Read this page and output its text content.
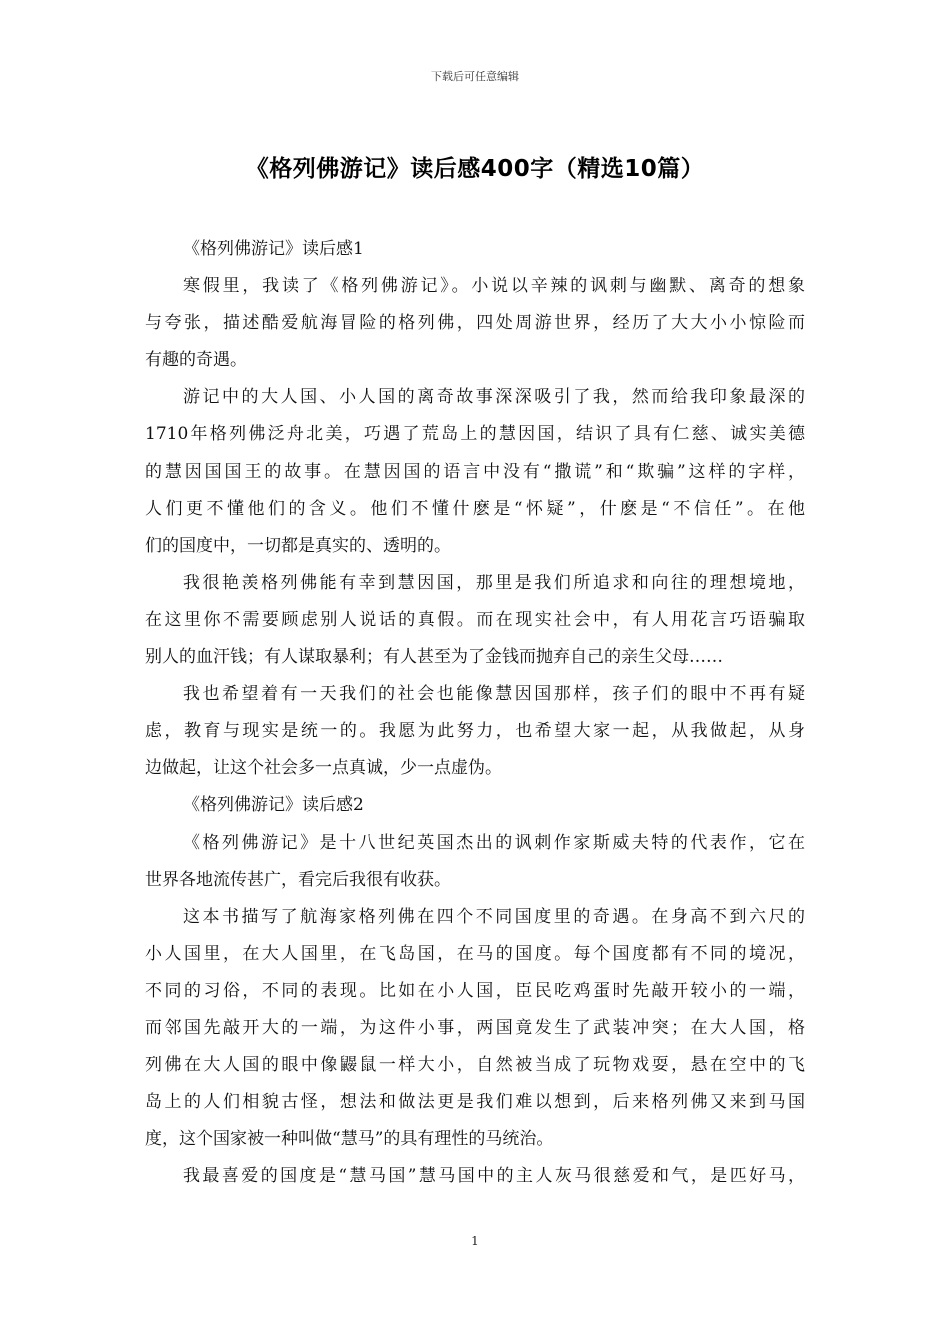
下载后可任意编辑
《格列佛游记》读后感400字（精选10篇）
《格列佛游记》读后感1
寒假里，我读了《格列佛游记》。小说以辛辣的讽刺与幽默、离奇的想象
与夸张，描述酷爱航海冒险的格列佛，四处周游世界，经历了大大小小惊险而
有趣的奇遇。
游记中的大人国、小人国的离奇故事深深吸引了我，然而给我印象最深的
1710年格列佛泛舟北美，巧遇了荒岛上的慧因国，结识了具有仁慈、诚实美德
的慧因国国王的故事。在慧因国的语言中没有“撒谎”和“欺骗”这样的字样，
人们更不懂他们的含义。他们不懂什麽是“怀疑”，什麽是“不信任”。在他
们的国度中，一切都是真实的、透明的。
我很艳羡格列佛能有幸到慧因国，那里是我们所追求和向往的理想境地，
在这里你不需要顾虑别人说话的真假。而在现实社会中，有人用花言巧语骗取
别人的血汗钱；有人谋取暴利；有人甚至为了金钱而抛弃自己的亲生父母……
我也希望着有一天我们的社会也能像慧因国那样，孩子们的眼中不再有疑
虑，教育与现实是统一的。我愿为此努力，也希望大家一起，从我做起，从身
边做起，让这个社会多一点真诚，少一点虚伪。
《格列佛游记》读后感2
《格列佛游记》是十八世纪英国杰出的讽刺作家斯威夫特的代表作，它在
世界各地流传甚广，看完后我很有收获。
这本书描写了航海家格列佛在四个不同国度里的奇遇。在身高不到六尺的
小人国里，在大人国里，在飞岛国，在马的国度。每个国度都有不同的境况，
不同的习俗，不同的表现。比如在小人国，臣民吃鸡蛋时先敲开较小的一端，
而邻国先敲开大的一端，为这件小事，两国竟发生了武装冲突；在大人国，格
列佛在大人国的眼中像鼹鼠一样大小，自然被当成了玩物戏耍，悬在空中的飞
岛上的人们相貌古怪，想法和做法更是我们难以想到，后来格列佛又来到马国
度，这个国家被一种叫做“慧马”的具有理性的马统治。
我最喜爱的国度是“慧马国”慧马国中的主人灰马很慈爱和气，是匹好马，
1
